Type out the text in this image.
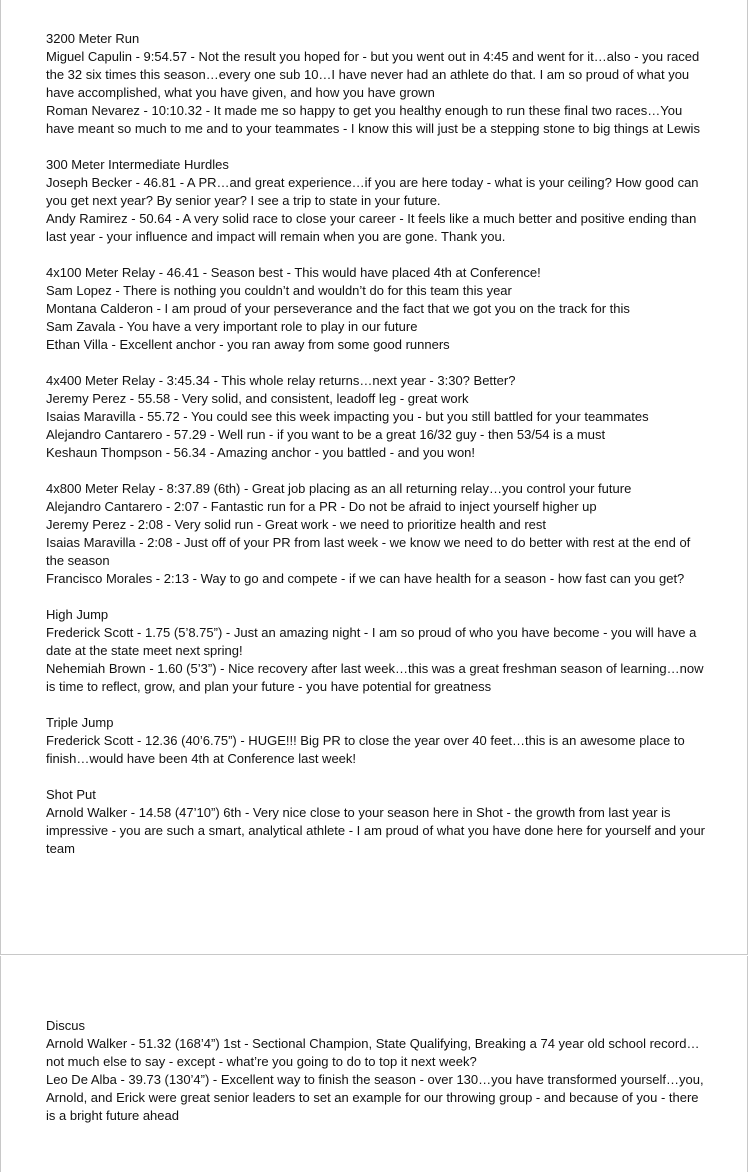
3200 Meter Run

Miguel Capulin - 9:54.57 - Not the result you hoped for - but you went out in 4:45 and went for it…also - you raced the 32 six times this season…every one sub 10…I have never had an athlete do that. I am so proud of what you have accomplished, what you have given, and how you have grown

Roman Nevarez - 10:10.32 - It made me so happy to get you healthy enough to run these final two races…You have meant so much to me and to your teammates - I know this will just be a stepping stone to big things at Lewis

300 Meter Intermediate Hurdles

Joseph Becker - 46.81 - A PR…and great experience…if you are here today - what is your ceiling? How good can you get next year? By senior year? I see a trip to state in your future.

Andy Ramirez - 50.64 - A very solid race to close your career - It feels like a much better and positive ending than last year - your influence and impact will remain when you are gone. Thank you.

4x100 Meter Relay - 46.41 - Season best - This would have placed 4th at Conference!

Sam Lopez - There is nothing you couldn’t and wouldn’t do for this team this year

Montana Calderon - I am proud of your perseverance and the fact that we got you on the track for this

Sam Zavala - You have a very important role to play in our future

Ethan Villa - Excellent anchor - you ran away from some good runners

4x400 Meter Relay - 3:45.34 - This whole relay returns…next year - 3:30? Better?

Jeremy Perez - 55.58 - Very solid, and consistent, leadoff leg - great work

Isaias Maravilla - 55.72 - You could see this week impacting you - but you still battled for your teammates

Alejandro Cantarero - 57.29 - Well run - if you want to be a great 16/32 guy - then 53/54 is a must

Keshaun Thompson - 56.34 - Amazing anchor - you battled - and you won!

4x800 Meter Relay - 8:37.89 (6th) - Great job placing as an all returning relay…you control your future

Alejandro Cantarero - 2:07 - Fantastic run for a PR - Do not be afraid to inject yourself higher up

Jeremy Perez - 2:08 - Very solid run - Great work - we need to prioritize health and rest

Isaias Maravilla - 2:08 - Just off of your PR from last week - we know we need to do better with rest at the end of the season

Francisco Morales - 2:13 - Way to go and compete - if we can have health for a season - how fast can you get?

High Jump

Frederick Scott - 1.75 (5’8.75”) - Just an amazing night - I am so proud of who you have become - you will have a date at the state meet next spring!

Nehemiah Brown - 1.60 (5’3”) - Nice recovery after last week…this was a great freshman season of learning…now is time to reflect, grow, and plan your future - you have potential for greatness

Triple Jump

Frederick Scott - 12.36 (40’6.75”) - HUGE!!! Big PR to close the year over 40 feet…this is an awesome place to finish…would have been 4th at Conference last week!

Shot Put

Arnold Walker - 14.58 (47’10”) 6th - Very nice close to your season here in Shot - the growth from last year is impressive - you are such a smart, analytical athlete - I am proud of what you have done here for yourself and your team

Discus

Arnold Walker - 51.32 (168’4”) 1st - Sectional Champion, State Qualifying, Breaking a 74 year old school record…not much else to say - except - what’re you going to do to top it next week?

Leo De Alba - 39.73 (130’4”) - Excellent way to finish the season - over 130…you have transformed yourself…you, Arnold, and Erick were great senior leaders to set an example for our throwing group - and because of you - there is a bright future ahead
